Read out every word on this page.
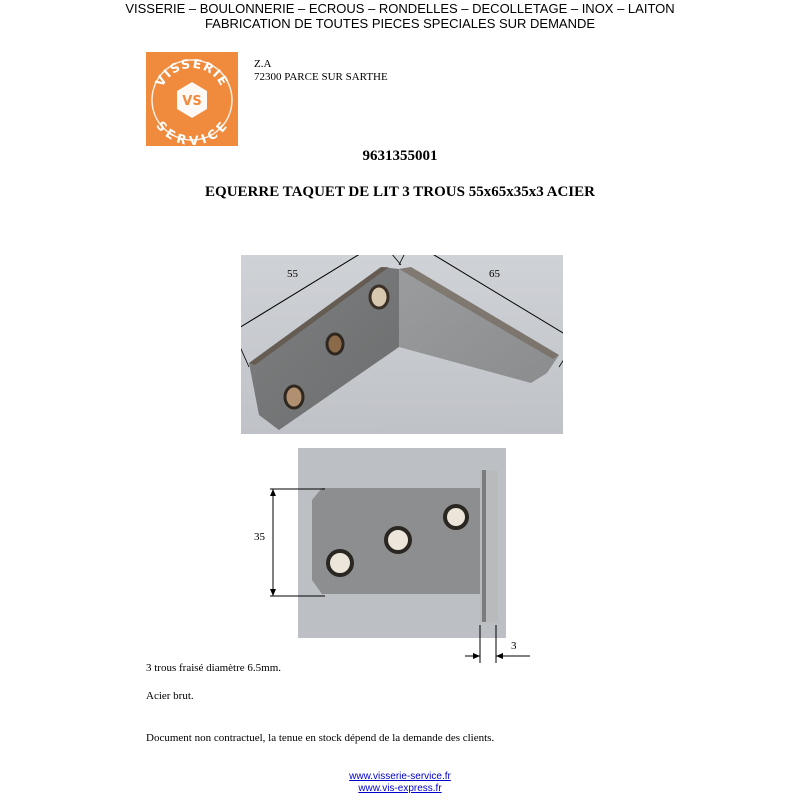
VISSERIE – BOULONNERIE – ECROUS – RONDELLES – DECOLLETAGE – INOX – LAITON
FABRICATION DE TOUTES PIECES SPECIALES SUR DEMANDE
VISSERIE
SERVICE
VS
Z.A
72300 PARCE SUR SARTHE
9631355001
EQUERRE TAQUET DE LIT 3 TROUS 55x65x35x3 ACIER
55	65
35
3
3 trous fraisé diamètre 6.5mm.
Acier brut.
Document non contractuel, la tenue en stock dépend de la demande des clients.
www.visserie-service.fr
www.vis-express.fr
